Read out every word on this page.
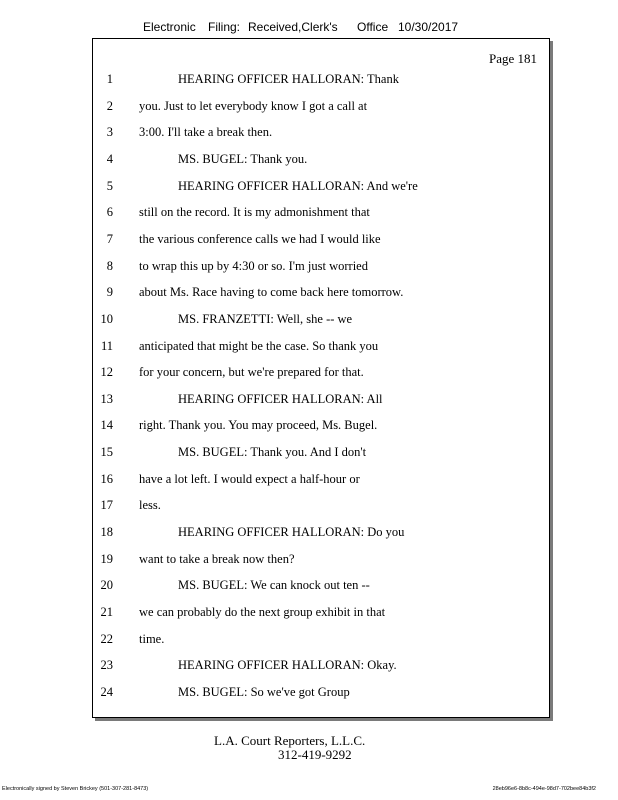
Electronic Filing: Received,Clerk's Office 10/30/2017
Page 181
1	HEARING OFFICER HALLORAN: Thank
2 you. Just to let everybody know I got a call at
3 3:00. I'll take a break then.
4	MS. BUGEL: Thank you.
5	HEARING OFFICER HALLORAN: And we're
6 still on the record. It is my admonishment that
7 the various conference calls we had I would like
8 to wrap this up by 4:30 or so. I'm just worried
9 about Ms. Race having to come back here tomorrow.
10	MS. FRANZETTI: Well, she -- we
11 anticipated that might be the case. So thank you
12 for your concern, but we're prepared for that.
13	HEARING OFFICER HALLORAN: All
14 right. Thank you. You may proceed, Ms. Bugel.
15	MS. BUGEL: Thank you. And I don't
16 have a lot left. I would expect a half-hour or
17 less.
18	HEARING OFFICER HALLORAN: Do you
19 want to take a break now then?
20	MS. BUGEL: We can knock out ten --
21 we can probably do the next group exhibit in that
22 time.
23	HEARING OFFICER HALLORAN: Okay.
24	MS. BUGEL: So we've got Group
L.A. Court Reporters, L.L.C.
312-419-9292
Electronically signed by Steven Brickey (501-307-281-8473)	28eb96e6-8b8c-494e-98d7-702bee84b3f2
